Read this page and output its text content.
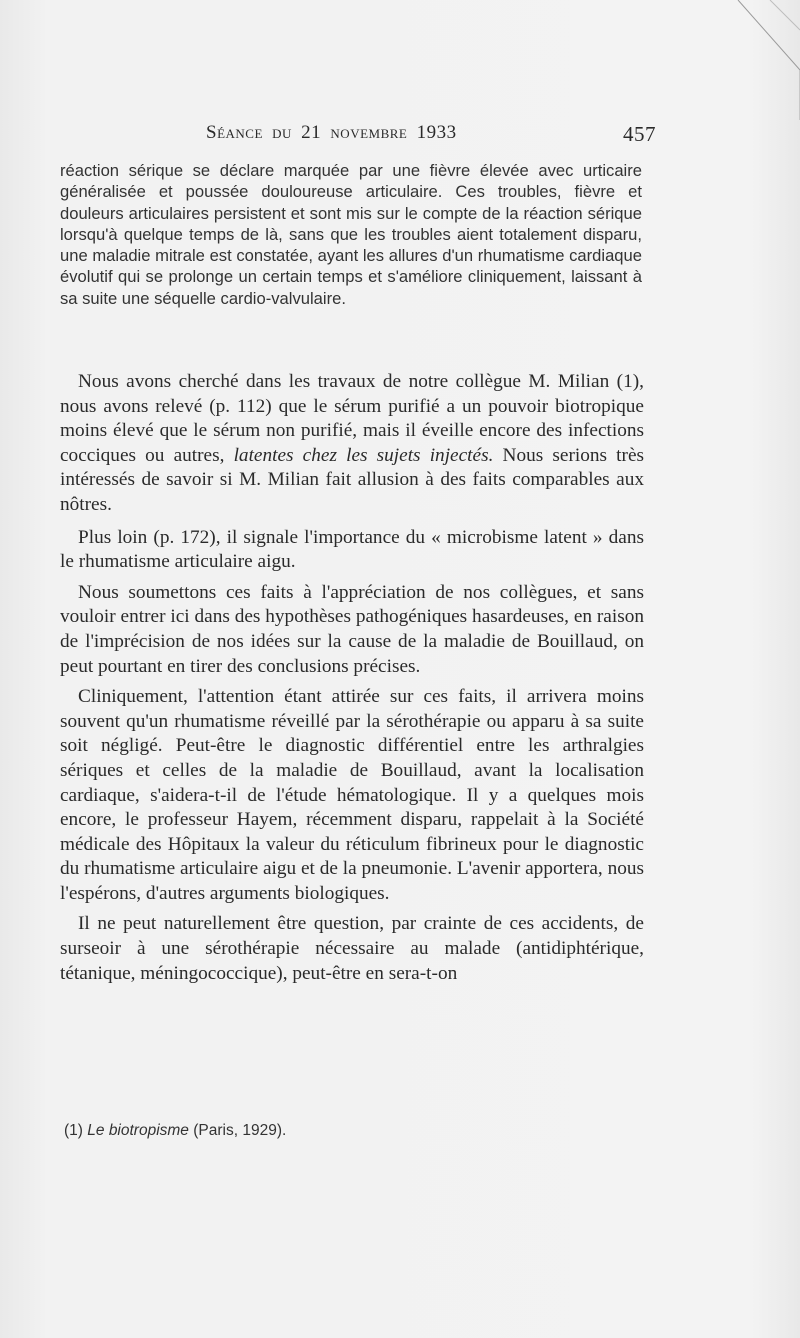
Séance du 21 novembre 1933	457
réaction sérique se déclare marquée par une fièvre élevée avec urticaire généralisée et poussée douloureuse articulaire. Ces troubles, fièvre et douleurs articulaires persistent et sont mis sur le compte de la réaction sérique lorsqu'à quelque temps de là, sans que les troubles aient totalement disparu, une maladie mitrale est constatée, ayant les allures d'un rhumatisme cardiaque évolutif qui se prolonge un certain temps et s'améliore cliniquement, laissant à sa suite une séquelle cardio-valvulaire.

Nous avons cherché dans les travaux de notre collègue M. Milian (1), nous avons relevé (p. 112) que le sérum purifié a un pouvoir biotropique moins élevé que le sérum non purifié, mais il éveille encore des infections cocciques ou autres, latentes chez les sujets injectés. Nous serions très intéressés de savoir si M. Milian fait allusion à des faits comparables aux nôtres.

Plus loin (p. 172), il signale l'importance du « microbisme latent » dans le rhumatisme articulaire aigu.

Nous soumettons ces faits à l'appréciation de nos collègues, et sans vouloir entrer ici dans des hypothèses pathogéniques hasardeuses, en raison de l'imprécision de nos idées sur la cause de la maladie de Bouillaud, on peut pourtant en tirer des conclusions précises.

Cliniquement, l'attention étant attirée sur ces faits, il arrivera moins souvent qu'un rhumatisme réveillé par la sérothérapie ou apparu à sa suite soit négligé. Peut-être le diagnostic différentiel entre les arthralgies sériques et celles de la maladie de Bouillaud, avant la localisation cardiaque, s'aidera-t-il de l'étude hématologique. Il y a quelques mois encore, le professeur Hayem, récemment disparu, rappelait à la Société médicale des Hôpitaux la valeur du réticulum fibrineux pour le diagnostic du rhumatisme articulaire aigu et de la pneumonie. L'avenir apportera, nous l'espérons, d'autres arguments biologiques.

Il ne peut naturellement être question, par crainte de ces accidents, de surseoir à une sérothérapie nécessaire au malade (antidiphtérique, tétanique, méningococcique), peut-être en sera-t-on

(1) Le biotropisme (Paris, 1929).
